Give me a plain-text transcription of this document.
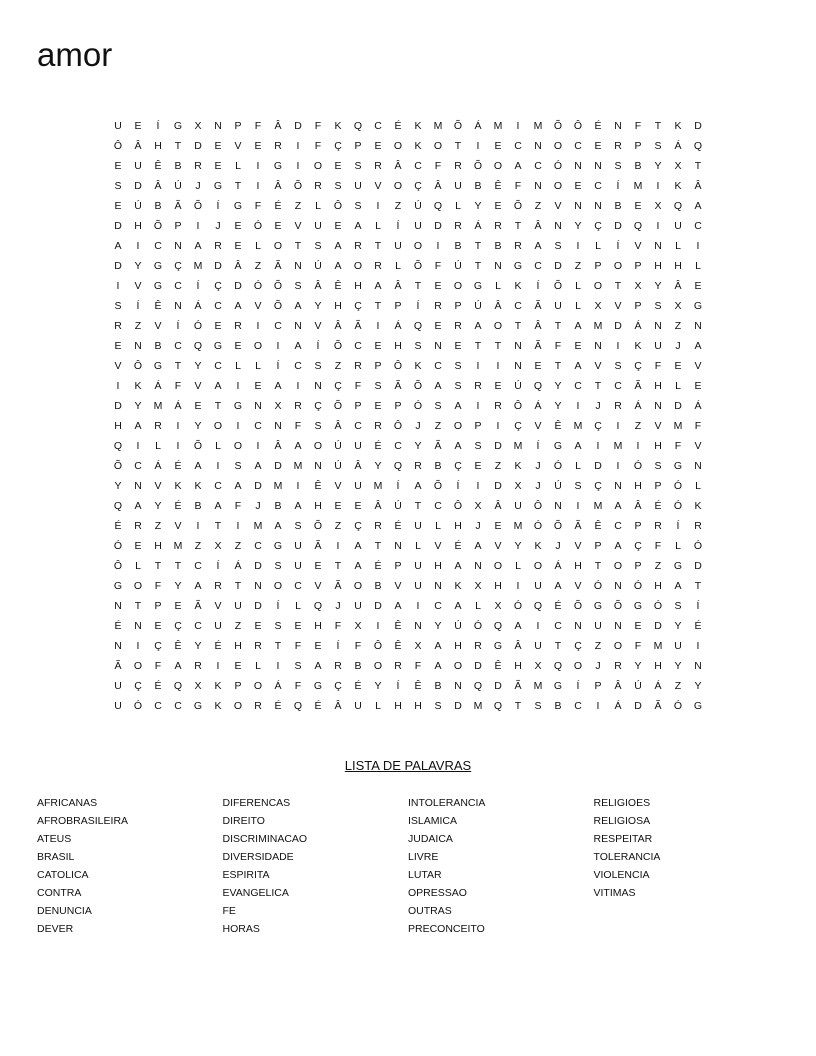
amor
U	E	Í	G	X	N	P	F	Â	D	F	K	Q	C	É	K	M	Õ	Á	M	I	M	Õ	Ô	É	N	F	T	K	D
Ô	Â	H	T	D	E	V	E	R	I	F	Ç	P	E	O	K	O	T	I	E	C	N	O	C	E	R	P	S	Á	Q
E	U	Ê	B	R	E	L	I	G	I	O	E	S	R	Â	C	F	R	Õ	O	A	C	Ó	N	N	S	B	Y	X	T
S	D	Â	Ú	J	G	T	I	Â	Õ	R	S	U	V	O	Ç	Â	U	B	Ê	F	N	O	E	C	Í	M	I	K	Â
E	Ú	B	Ã	Õ	Í	G	F	É	Z	L	Ô	S	I	Z	Ú	Q	L	Y	E	Õ	Z	V	N	N	B	E	X	Q	A
D	H	Õ	P	I	J	E	Ó	E	V	U	E	A	L	Í	U	D	R	Á	R	T	Â	N	Y	Ç	D	Q	I	U	C
A	I	C	N	A	R	E	L	O	T	S	A	R	T	U	O	I	B	T	B	R	A	S	I	L	Í	V	N	L	I
D	Y	G	Ç	M	D	Â	Z	Ã	N	Ú	A	O	R	L	Õ	F	Ú	T	N	G	C	D	Z	P	O	P	H	H	L
I	V	G	C	Í	Ç	D	Ó	Õ	S	Â	Ê	H	A	Â	T	E	O	G	L	K	Í	Õ	L	O	T	X	Y	Â	E
S	Í	Ê	N	Á	C	A	V	Õ	A	Y	H	Ç	T	P	Í	R	P	Ú	Â	C	Ã	U	L	X	V	P	S	X	G
R	Z	V	Í	Ó	E	R	I	C	N	V	Â	Ã	I	Á	Q	E	R	A	O	T	Â	T	A	M	D	Á	N	Z	N
E	N	B	C	Q	G	E	O	I	A	Í	Õ	C	E	H	S	N	E	T	T	N	Ã	F	E	N	I	K	U	J	A
V	Ô	G	T	Y	C	L	L	Í	C	S	Z	R	P	Ô	K	C	S	I	I	N	E	T	A	V	S	Ç	F	E	V
I	K	Á	F	V	A	I	E	A	I	N	Ç	F	S	Ã	Õ	A	S	R	E	Ú	Q	Y	C	T	C	Ã	H	L	E
D	Y	M	Á	E	T	G	N	X	R	Ç	Õ	P	E	P	Ó	S	A	I	R	Ô	Á	Y	I	J	R	Á	N	D	Á
H	A	R	I	Y	O	I	C	N	F	S	Â	C	R	Ô	J	Z	O	P	I	Ç	V	Ê	M	Ç	I	Z	V	M	F
Q	I	L	I	Õ	L	O	I	Â	A	O	Ú	U	É	C	Y	Ã	A	S	D	M	Í	G	A	I	M	I	H	F	V
Õ	C	Á	É	A	I	S	A	D	M	N	Ú	Â	Y	Q	R	B	Ç	E	Z	K	J	Ó	L	D	I	Ó	S	G	N
Y	N	V	K	K	C	A	D	M	I	Ê	V	U	M	Í	A	Õ	Í	I	D	X	J	Ú	S	Ç	N	H	P	Ó	L
Q	A	Y	É	B	A	F	J	B	A	H	E	E	Â	Ú	T	C	Ô	X	Â	U	Ô	N	I	M	A	Â	É	Ó	K
É	R	Z	V	I	T	I	M	A	S	Õ	Z	Ç	R	É	U	L	H	J	E	M	Ó	Õ	Ã	Ê	C	P	R	Í	R
Ó	E	H	M	Z	X	Z	C	G	U	Ã	I	A	T	N	L	V	É	A	V	Y	K	J	V	P	A	Ç	F	L	Ó
Ô	L	T	T	C	Í	Á	D	S	U	E	T	A	É	P	U	H	A	N	O	L	O	Á	H	T	O	P	Z	G	D
G	O	F	Y	A	R	T	N	O	C	V	Ã	O	B	V	U	N	K	X	H	I	U	A	V	Ó	N	Ó	H	A	T
N	T	P	E	Ã	V	U	D	Í	L	Q	J	U	D	A	I	C	A	L	X	Ó	Q	É	Õ	G	Õ	G	Ó	S	Í
É	N	E	Ç	C	U	Z	E	S	E	H	F	X	I	Ê	N	Y	Ú	Ó	Q	A	I	C	N	U	N	E	D	Y	É
N	I	Ç	Ê	Y	É	H	R	T	F	E	Í	F	Ô	Ê	X	A	H	R	G	Â	U	T	Ç	Z	O	F	M	U	I
Ã	O	F	A	R	I	E	L	I	S	A	R	B	O	R	F	A	O	D	Ê	H	X	Q	O	J	R	Y	H	Y	N
U	Ç	É	Q	X	K	P	O	Á	F	G	Ç	É	Y	Í	Ê	B	N	Q	D	Ã	M	G	Í	P	Â	Ú	Á	Z	Y
U	Ó	C	C	G	K	O	R	É	Q	É	Â	U	L	H	H	S	D	M	Q	T	S	B	C	I	Á	D	Ã	Ó	G
LISTA DE PALAVRAS
AFRICANAS
AFROBRASILEIRA
ATEUS
BRASIL
CATOLICA
CONTRA
DENUNCIA
DEVER
DIFERENCAS
DIREITO
DISCRIMINACAO
DIVERSIDADE
ESPIRITA
EVANGELICA
FE
HORAS
INTOLERANCIA
ISLAMICA
JUDAICA
LIVRE
LUTAR
OPRESSAO
OUTRAS
PRECONCEITO
RELIGIOES
RELIGIOSA
RESPEITAR
TOLERANCIA
VIOLENCIA
VITIMAS
